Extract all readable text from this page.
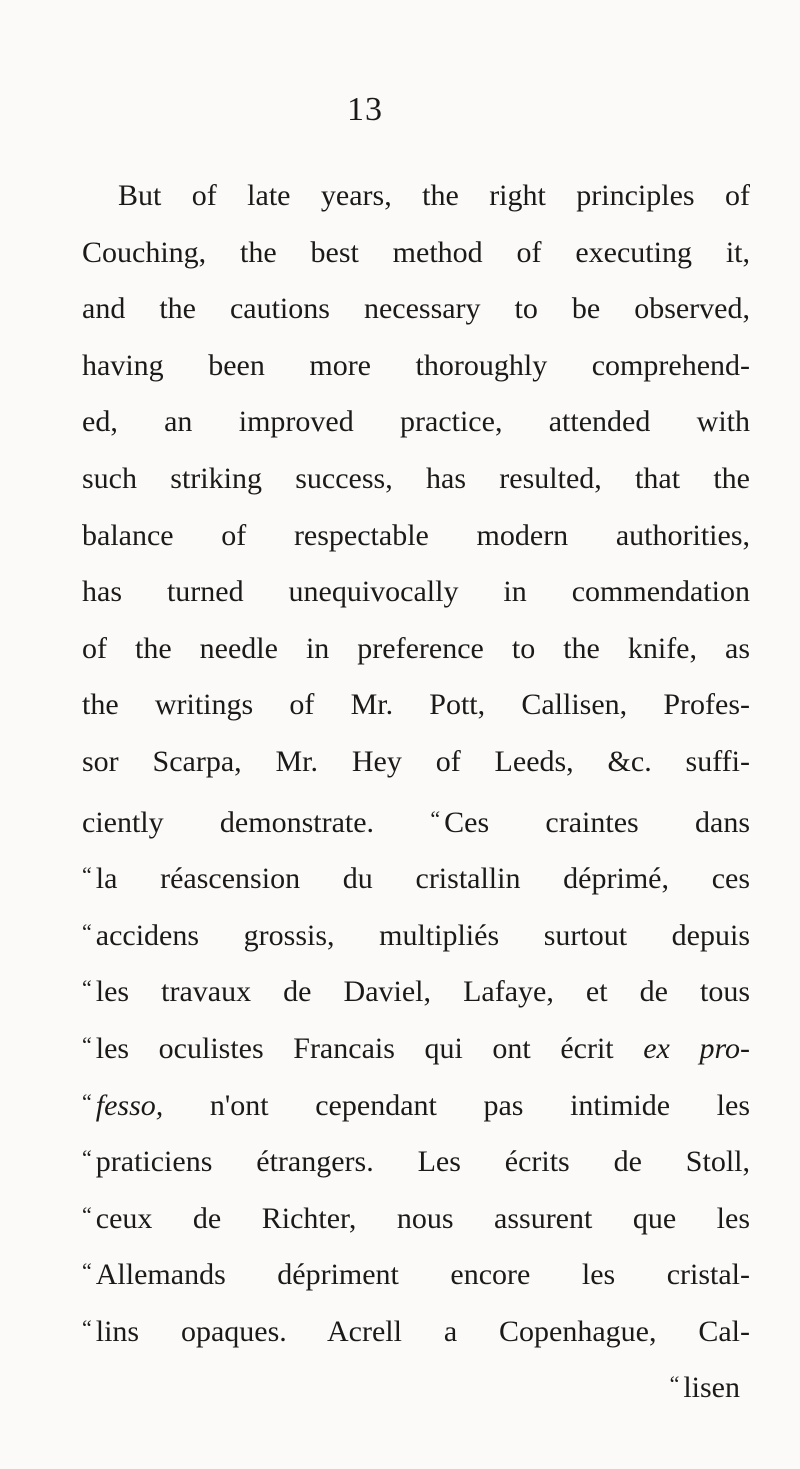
13
But of late years, the right principles of
Couching, the best method of executing it,
and the cautions necessary to be observed,
having been more thoroughly comprehend-
ed, an improved practice, attended with
such striking success, has resulted, that the
balance of respectable modern authorities,
has turned unequivocally in commendation
of the needle in preference to the knife, as
the writings of Mr. Pott, Callisen, Profes-
sor Scarpa, Mr. Hey of Leeds, &c. suffi-
ciently demonstrate.	“ Ces craintes dans
“ la réascension du cristallin déprimé, ces
“ accidens grossis, multipliés surtout depuis
“ les travaux de Daviel, Lafaye, et de tous
“ les oculistes Francais qui ont écrit ex pro-
“ fesso, n'ont cependant pas intimide les
“ praticiens étrangers. Les écrits de Stoll,
“ ceux de Richter, nous assurent que les
“ Allemands dépriment encore les cristal-
“ lins opaques. Acrell a Copenhague, Cal-
“ lisen
